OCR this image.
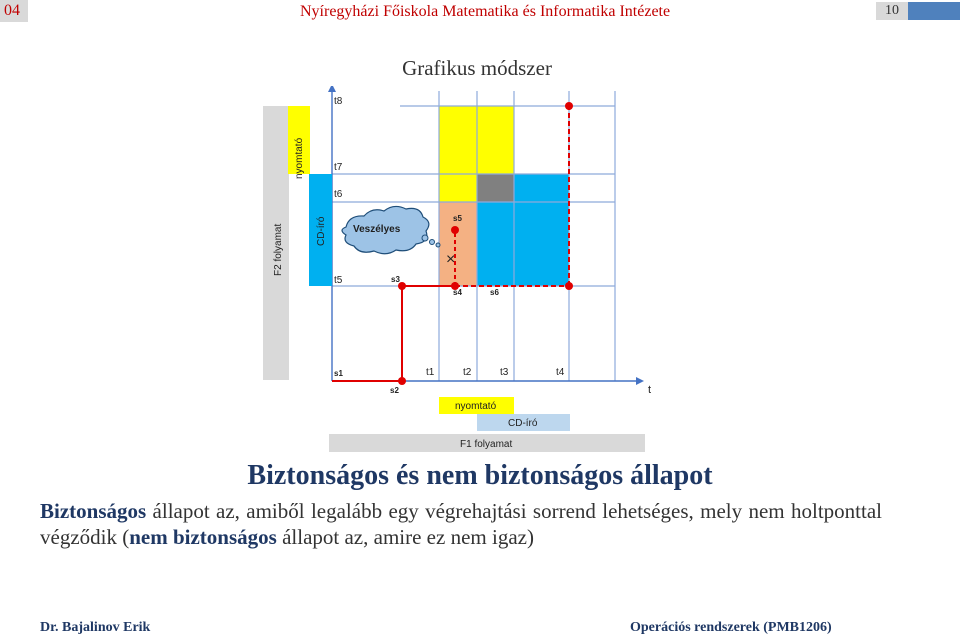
04	Nyíregyházi Főiskola Matematika és Informatika Intézete	10
Grafikus módszer
F2 folyamat
nyomtató
CD-író
nyomtató
CD-író
F1 folyamat
t8
t7
t6
t5
t1	t2	t3	t4
t
Veszélyes
×
s1
s2
s3
s4
s5
s6
Biztonságos és nem biztonságos állapot
Biztonságos állapot az, amiből legalább egy végrehajtási sorrend lehetséges, mely nem holtponttal végződik (nem biztonságos állapot az, amire ez nem igaz)
Dr. Bajalinov Erik	Operációs rendszerek (PMB1206)
